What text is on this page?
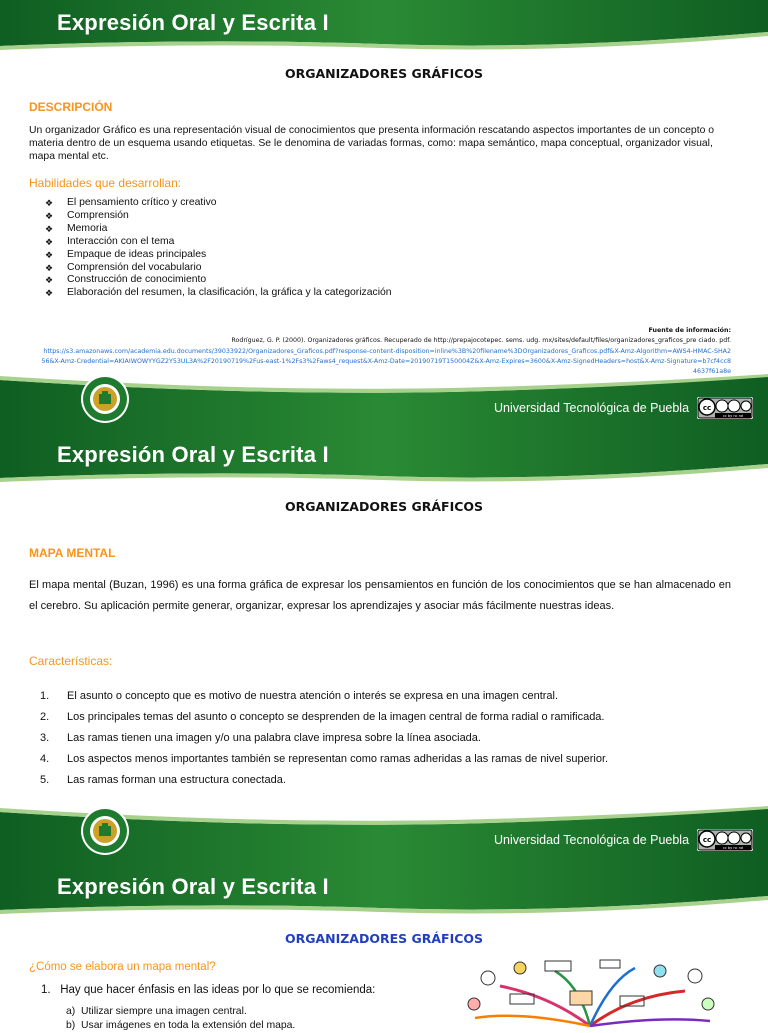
Expresión Oral y Escrita I
ORGANIZADORES GRÁFICOS
DESCRIPCIÓN
Un organizador Gráfico es una representación visual de conocimientos que presenta información rescatando aspectos importantes de un concepto o materia dentro de un esquema usando etiquetas. Se le denomina de variadas formas, como: mapa semántico, mapa conceptual, organizador visual, mapa mental etc.
Habilidades que desarrollan:
❖ El pensamiento crítico y creativo
❖ Comprensión
❖ Memoria
❖ Interacción con el tema
❖ Empaque de ideas principales
❖ Comprensión del vocabulario
❖ Construcción de conocimiento
❖ Elaboración del resumen, la clasificación, la gráfica y la categorización
Fuente de información:
Rodríguez, G. P. (2000). Organizadores gráficos. Recuperado de http://prepajocotepec. sems. udg. mx/sites/default/files/organizadores_graficos_pre ciado. pdf.
https://s3.amazonaws.com/academia.edu.documents/39033922/Organizadores_Graficos.pdf?response-content-disposition=inline%3B%20filename%3DOrganizadores_Graficos.pdf&X-Amz-Algorithm=AWS4-HMAC-SHA256&X-Amz-Credential=AKIAIWOWYYGZ2Y53UL3A%2F20190719%2Fus-east-1%2Fs3%2Faws4_request&X-Amz-Date=20190719T150004Z&X-Amz-Expires=3600&X-Amz-SignedHeaders=host&X-Amz-Signature=b7cf4cc84637f61a8e
Universidad Tecnológica de Puebla cc
cc by nc nd
Expresión Oral y Escrita I
ORGANIZADORES GRÁFICOS
MAPA MENTAL
El mapa mental (Buzan, 1996) es una forma gráfica de expresar los pensamientos en función de los conocimientos que se han almacenado en el cerebro. Su aplicación permite generar, organizar, expresar los aprendizajes y asociar más fácilmente nuestras ideas.
Características:
1. El asunto o concepto que es motivo de nuestra atención o interés se expresa en una imagen central.
2. Los principales temas del asunto o concepto se desprenden de la imagen central de forma radial o ramificada.
3. Las ramas tienen una imagen y/o una palabra clave impresa sobre la línea asociada.
4. Los aspectos menos importantes también se representan como ramas adheridas a las ramas de nivel superior.
5. Las ramas forman una estructura conectada.
Universidad Tecnológica de Puebla cc
cc by nc nd
Expresión Oral y Escrita I
ORGANIZADORES GRÁFICOS
¿Cómo se elabora un mapa mental?
1. Hay que hacer énfasis en las ideas por lo que se recomienda:
a) Utilizar siempre una imagen central.
b) Usar imágenes en toda la extensión del mapa.
